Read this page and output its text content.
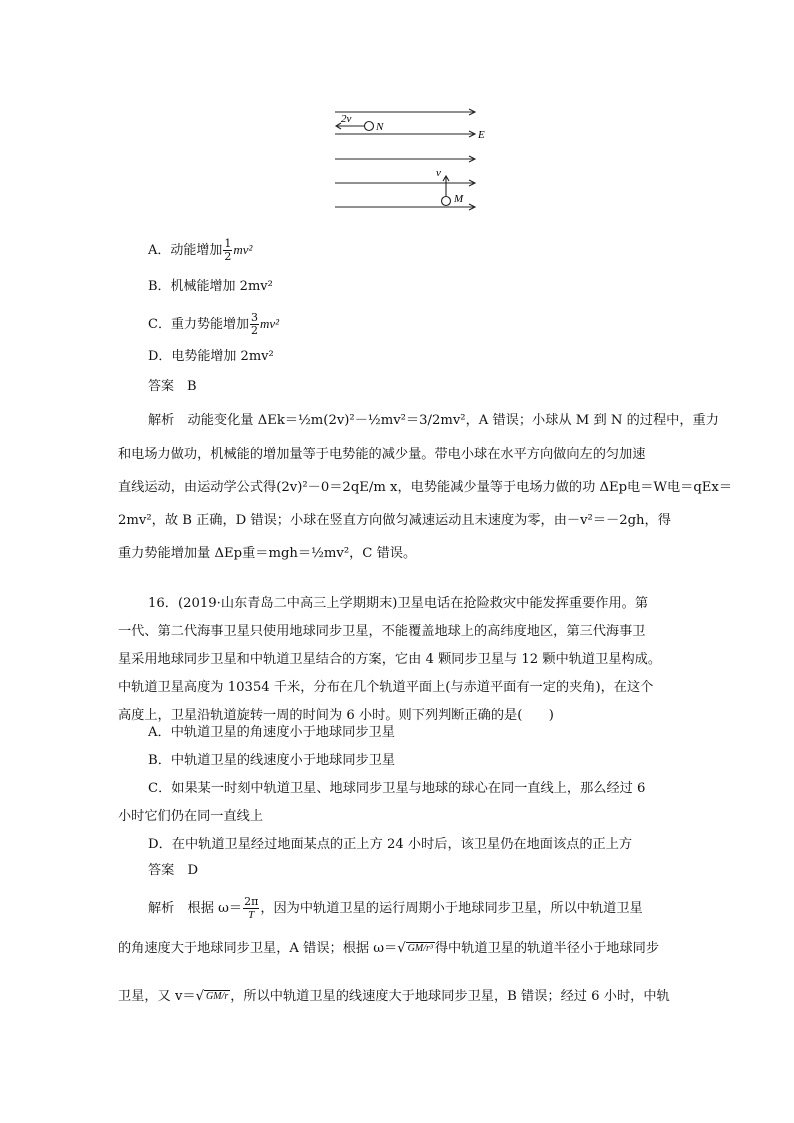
2v
N
E
v
M
A．动能增加 $\frac{1}{2} mv^2$
B．机械能增加 2mv²
C．重力势能增加 $\frac{3}{2} mv^2$
D．电势能增加 2mv²
答案　B
解析　动能变化量 ΔEk＝½m(2v)²－½mv²＝3/2mv²，A 错误；小球从 M 到 N 的过程中，重力
和电场力做功，机械能的增加量等于电势能的减少量。带电小球在水平方向做向左的匀加速
直线运动，由运动学公式得(2v)²－0＝2qE/m x，电势能减少量等于电场力做的功 ΔEp电＝W电＝qEx＝
2mv²，故 B 正确，D 错误；小球在竖直方向做匀减速运动且末速度为零，由－v²＝－2gh，得
重力势能增加量 ΔEp重＝mgh＝½mv²，C 错误。
16．(2019·山东青岛二中高三上学期期末)卫星电话在抢险救灾中能发挥重要作用。第
一代、第二代海事卫星只使用地球同步卫星，不能覆盖地球上的高纬度地区，第三代海事卫
星采用地球同步卫星和中轨道卫星结合的方案，它由 4 颗同步卫星与 12 颗中轨道卫星构成。
中轨道卫星高度为 10354 千米，分布在几个轨道平面上(与赤道平面有一定的夹角)，在这个
高度上，卫星沿轨道旋转一周的时间为 6 小时。则下列判断正确的是(　　)
A．中轨道卫星的角速度小于地球同步卫星
B．中轨道卫星的线速度小于地球同步卫星
C．如果某一时刻中轨道卫星、地球同步卫星与地球的球心在同一直线上，那么经过 6
小时它们仍在同一直线上
D．在中轨道卫星经过地面某点的正上方 24 小时后，该卫星仍在地面该点的正上方
答案　D
解析　根据 $\omega= \frac{2\pi}{T}$ ，因为中轨道卫星的运行周期小于地球同步卫星，所以中轨道卫星
的角速度大于地球同步卫星，A 错误；根据 ω＝√ GM/r³ 得中轨道卫星的轨道半径小于地球同步
卫星，又 v＝√ GM/r ，所以中轨道卫星的线速度大于地球同步卫星，B 错误；经过 6 小时，中轨
